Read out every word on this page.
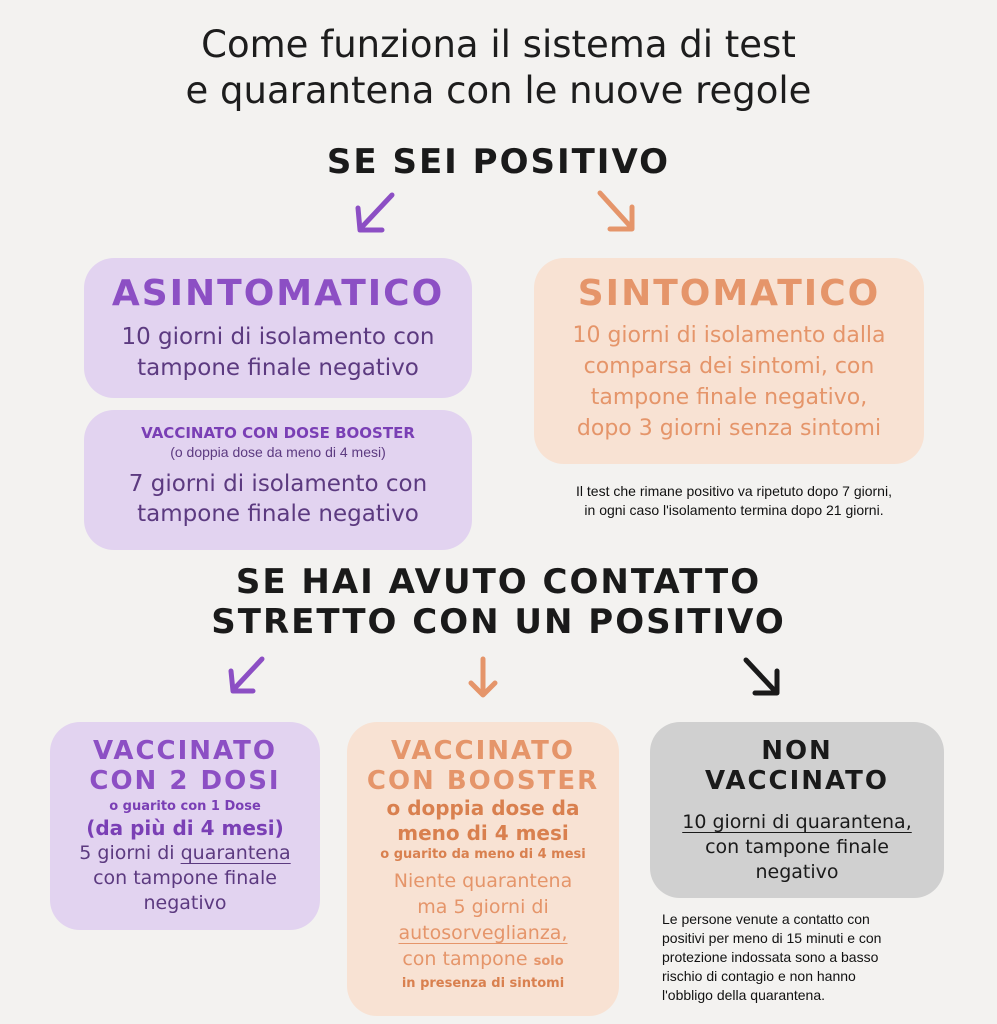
Come funziona il sistema di test
e quarantena con le nuove regole
SE SEI POSITIVO
ASINTOMATICO
10 giorni di isolamento con
tampone finale negativo
VACCINATO CON DOSE BOOSTER
(o doppia dose da meno di 4 mesi)
7 giorni di isolamento con
tampone finale negativo
SINTOMATICO
10 giorni di isolamento dalla
comparsa dei sintomi, con
tampone finale negativo,
dopo 3 giorni senza sintomi
Il test che rimane positivo va ripetuto dopo 7 giorni,
in ogni caso l'isolamento termina dopo 21 giorni.
SE HAI AVUTO CONTATTO
STRETTO CON UN POSITIVO
VACCINATO
CON 2 DOSI
o guarito con 1 Dose
(da più di 4 mesi)
5 giorni di quarantena
con tampone finale
negativo
VACCINATO
CON BOOSTER
o doppia dose da
meno di 4 mesi
o guarito da meno di 4 mesi
Niente quarantena
ma 5 giorni di
autosorveglianza,
con tampone solo
in presenza di sintomi
NON
VACCINATO
10 giorni di quarantena,
con tampone finale
negativo
Le persone venute a contatto con
positivi per meno di 15 minuti e con
protezione indossata sono a basso
rischio di contagio e non hanno
l'obbligo della quarantena.
